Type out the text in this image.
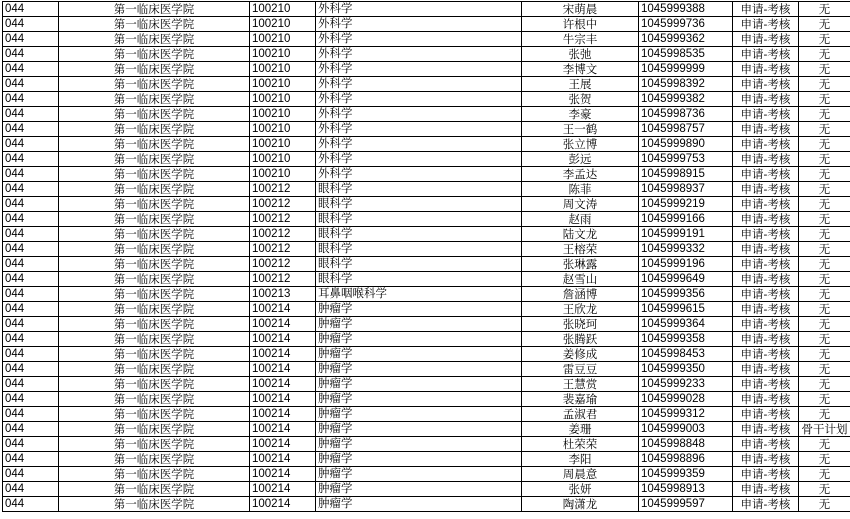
044	第一临床医学院	100210	外科学	宋萌晨	1045999388	申请-考核	无
044	第一临床医学院	100210	外科学	许根中	1045999736	申请-考核	无
044	第一临床医学院	100210	外科学	牛宗丰	1045999362	申请-考核	无
044	第一临床医学院	100210	外科学	张弛	1045998535	申请-考核	无
044	第一临床医学院	100210	外科学	李博文	1045999999	申请-考核	无
044	第一临床医学院	100210	外科学	王展	1045998392	申请-考核	无
044	第一临床医学院	100210	外科学	张贺	1045999382	申请-考核	无
044	第一临床医学院	100210	外科学	李豪	1045998736	申请-考核	无
044	第一临床医学院	100210	外科学	王一鹤	1045998757	申请-考核	无
044	第一临床医学院	100210	外科学	张立博	1045999890	申请-考核	无
044	第一临床医学院	100210	外科学	彭远	1045999753	申请-考核	无
044	第一临床医学院	100210	外科学	李孟达	1045998915	申请-考核	无
044	第一临床医学院	100212	眼科学	陈菲	1045998937	申请-考核	无
044	第一临床医学院	100212	眼科学	周文涛	1045999219	申请-考核	无
044	第一临床医学院	100212	眼科学	赵雨	1045999166	申请-考核	无
044	第一临床医学院	100212	眼科学	陆文龙	1045999191	申请-考核	无
044	第一临床医学院	100212	眼科学	王榕荣	1045999332	申请-考核	无
044	第一临床医学院	100212	眼科学	张琳露	1045999196	申请-考核	无
044	第一临床医学院	100212	眼科学	赵雪山	1045999649	申请-考核	无
044	第一临床医学院	100213	耳鼻咽喉科学	詹涵博	1045999356	申请-考核	无
044	第一临床医学院	100214	肿瘤学	王欣龙	1045999615	申请-考核	无
044	第一临床医学院	100214	肿瘤学	张晓珂	1045999364	申请-考核	无
044	第一临床医学院	100214	肿瘤学	张腾跃	1045999358	申请-考核	无
044	第一临床医学院	100214	肿瘤学	姜修成	1045998453	申请-考核	无
044	第一临床医学院	100214	肿瘤学	雷豆豆	1045999350	申请-考核	无
044	第一临床医学院	100214	肿瘤学	王慧赏	1045999233	申请-考核	无
044	第一临床医学院	100214	肿瘤学	裴嘉瑜	1045999028	申请-考核	无
044	第一临床医学院	100214	肿瘤学	孟淑君	1045999312	申请-考核	无
044	第一临床医学院	100214	肿瘤学	姜珊	1045999003	申请-考核	骨干计划
044	第一临床医学院	100214	肿瘤学	杜荣荣	1045998848	申请-考核	无
044	第一临床医学院	100214	肿瘤学	李阳	1045998896	申请-考核	无
044	第一临床医学院	100214	肿瘤学	周晨意	1045999359	申请-考核	无
044	第一临床医学院	100214	肿瘤学	张妍	1045998913	申请-考核	无
044	第一临床医学院	100214	肿瘤学	陶潇龙	1045999597	申请-考核	无
